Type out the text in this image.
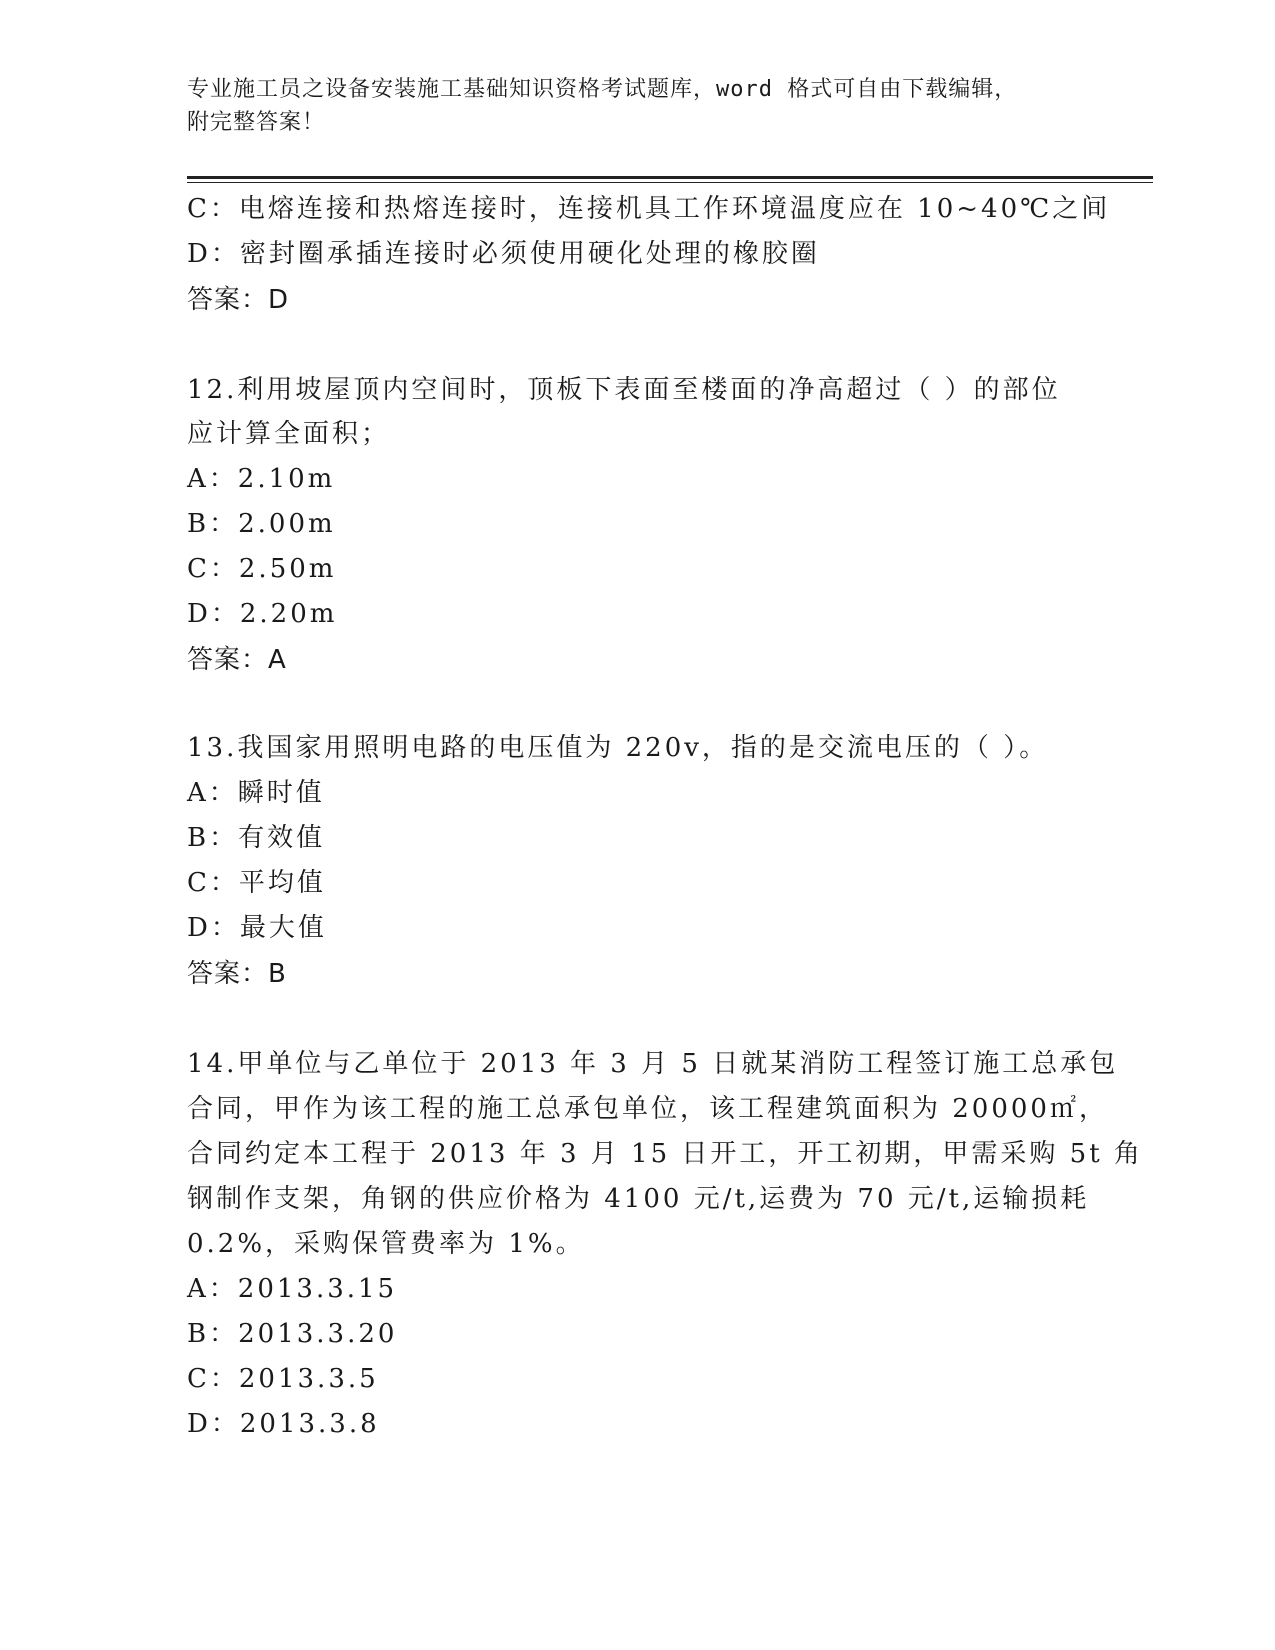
专业施工员之设备安装施工基础知识资格考试题库，word 格式可自由下载编辑，
附完整答案！
C：电熔连接和热熔连接时，连接机具工作环境温度应在 10~40℃之间
D：密封圈承插连接时必须使用硬化处理的橡胶圈
答案：D
12.利用坡屋顶内空间时，顶板下表面至楼面的净高超过（ ）的部位
应计算全面积；
A：2.10m
B：2.00m
C：2.50m
D：2.20m
答案：A
13.我国家用照明电路的电压值为 220v，指的是交流电压的（ ）。
A：瞬时值
B：有效值
C：平均值
D：最大值
答案：B
14.甲单位与乙单位于 2013 年 3 月 5 日就某消防工程签订施工总承包
合同，甲作为该工程的施工总承包单位，该工程建筑面积为 20000㎡，
合同约定本工程于 2013 年 3 月 15 日开工，开工初期，甲需采购 5t 角
钢制作支架，角钢的供应价格为 4100 元/t,运费为 70 元/t,运输损耗
0.2%，采购保管费率为 1%。
A：2013.3.15
B：2013.3.20
C：2013.3.5
D：2013.3.8
